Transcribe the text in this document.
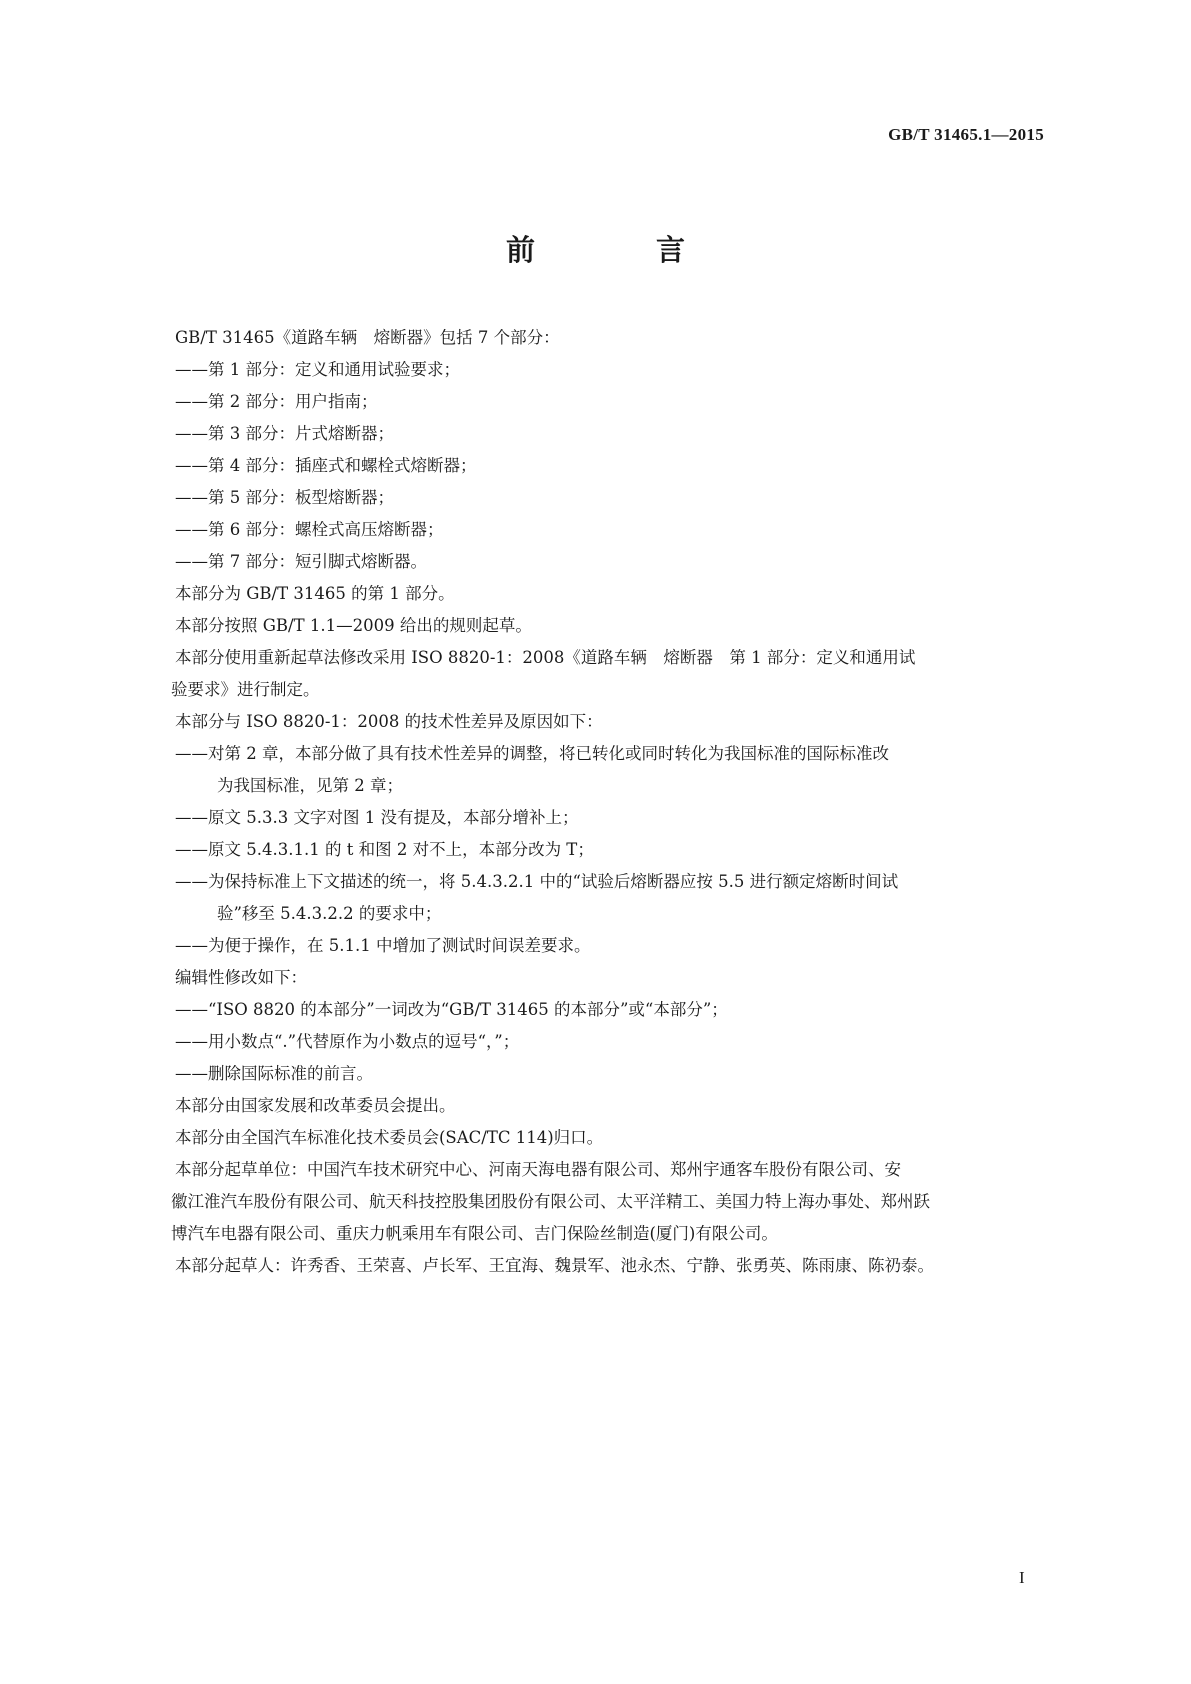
GB/T 31465.1—2015
前　言

GB/T 31465《道路车辆　熔断器》包括 7 个部分：

——第 1 部分：定义和通用试验要求；

——第 2 部分：用户指南；

——第 3 部分：片式熔断器；

——第 4 部分：插座式和螺栓式熔断器；

——第 5 部分：板型熔断器；

——第 6 部分：螺栓式高压熔断器；

——第 7 部分：短引脚式熔断器。

本部分为 GB/T 31465 的第 1 部分。

本部分按照 GB/T 1.1—2009 给出的规则起草。

本部分使用重新起草法修改采用 ISO 8820-1：2008《道路车辆　熔断器　第 1 部分：定义和通用试

验要求》进行制定。

本部分与 ISO 8820-1：2008 的技术性差异及原因如下：

——对第 2 章，本部分做了具有技术性差异的调整，将已转化或同时转化为我国标准的国际标准改

为我国标准，见第 2 章；

——原文 5.3.3 文字对图 1 没有提及，本部分增补上；

——原文 5.4.3.1.1 的 t 和图 2 对不上，本部分改为 T；

——为保持标准上下文描述的统一，将 5.4.3.2.1 中的“试验后熔断器应按 5.5 进行额定熔断时间试

验”移至 5.4.3.2.2 的要求中；

——为便于操作，在 5.1.1 中增加了测试时间误差要求。

编辑性修改如下：

——“ISO 8820 的本部分”一词改为“GB/T 31465 的本部分”或“本部分”；

——用小数点“.”代替原作为小数点的逗号“，”；

——删除国际标准的前言。

本部分由国家发展和改革委员会提出。

本部分由全国汽车标准化技术委员会(SAC/TC 114)归口。

本部分起草单位：中国汽车技术研究中心、河南天海电器有限公司、郑州宇通客车股份有限公司、安

徽江淮汽车股份有限公司、航天科技控股集团股份有限公司、太平洋精工、美国力特上海办事处、郑州跃

博汽车电器有限公司、重庆力帆乘用车有限公司、吉门保险丝制造(厦门)有限公司。

本部分起草人：许秀香、王荣喜、卢长军、王宜海、魏景军、池永杰、宁静、张勇英、陈雨康、陈礽泰。

I
